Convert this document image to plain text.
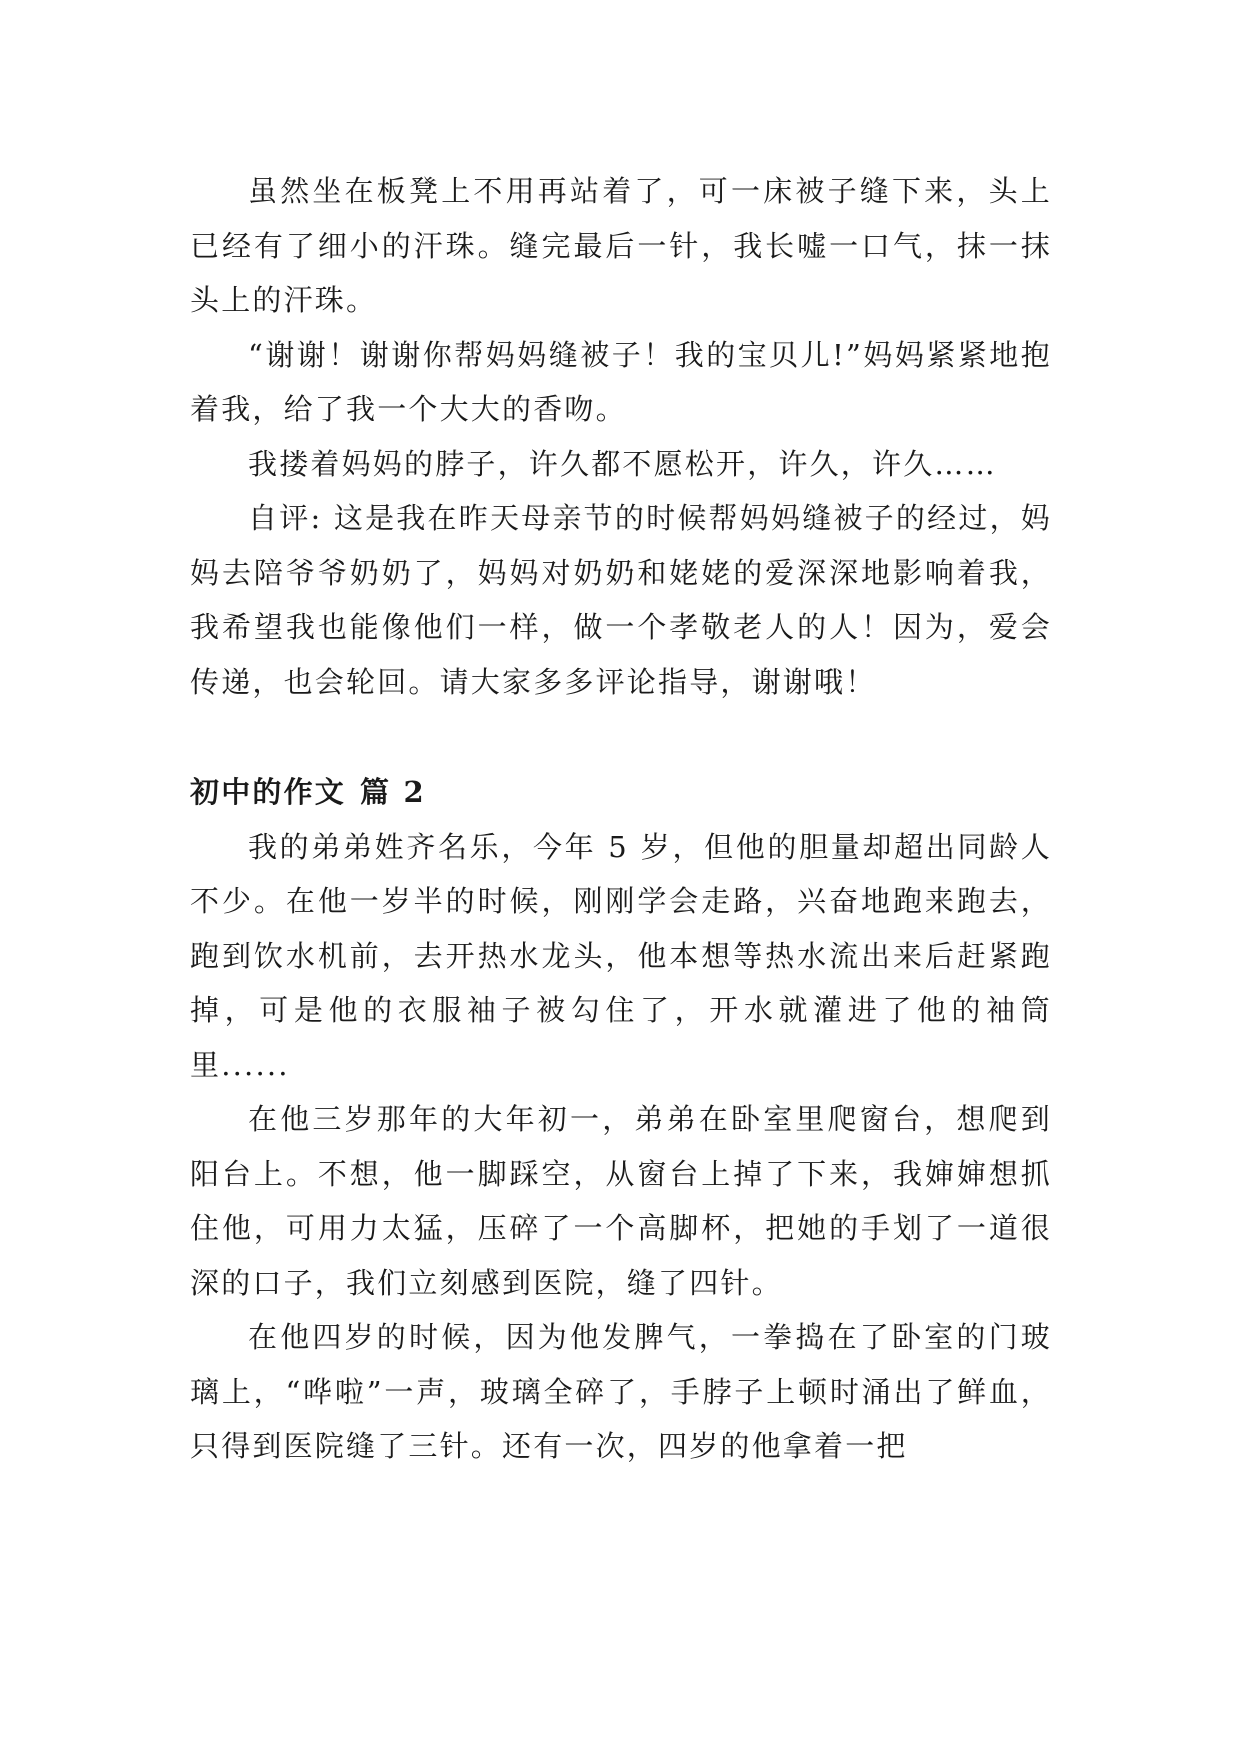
虽然坐在板凳上不用再站着了，可一床被子缝下来，头上已经有了细小的汗珠。缝完最后一针，我长嘘一口气，抹一抹头上的汗珠。

“谢谢！谢谢你帮妈妈缝被子！我的宝贝儿!”妈妈紧紧地抱着我，给了我一个大大的香吻。

我搂着妈妈的脖子，许久都不愿松开，许久，许久……

自评: 这是我在昨天母亲节的时候帮妈妈缝被子的经过，妈妈去陪爷爷奶奶了，妈妈对奶奶和姥姥的爱深深地影响着我，我希望我也能像他们一样，做一个孝敬老人的人！因为，爱会传递，也会轮回。请大家多多评论指导，谢谢哦！

初中的作文 篇 2

我的弟弟姓齐名乐，今年 5 岁，但他的胆量却超出同龄人不少。在他一岁半的时候，刚刚学会走路，兴奋地跑来跑去，跑到饮水机前，去开热水龙头，他本想等热水流出来后赶紧跑掉，可是他的衣服袖子被勾住了，开水就灌进了他的袖筒里......

在他三岁那年的大年初一，弟弟在卧室里爬窗台，想爬到阳台上。不想，他一脚踩空，从窗台上掉了下来，我婶婶想抓住他，可用力太猛，压碎了一个高脚杯，把她的手划了一道很深的口子，我们立刻感到医院，缝了四针。

在他四岁的时候，因为他发脾气，一拳捣在了卧室的门玻璃上，“哗啦”一声，玻璃全碎了，手脖子上顿时涌出了鲜血，只得到医院缝了三针。还有一次，四岁的他拿着一把
